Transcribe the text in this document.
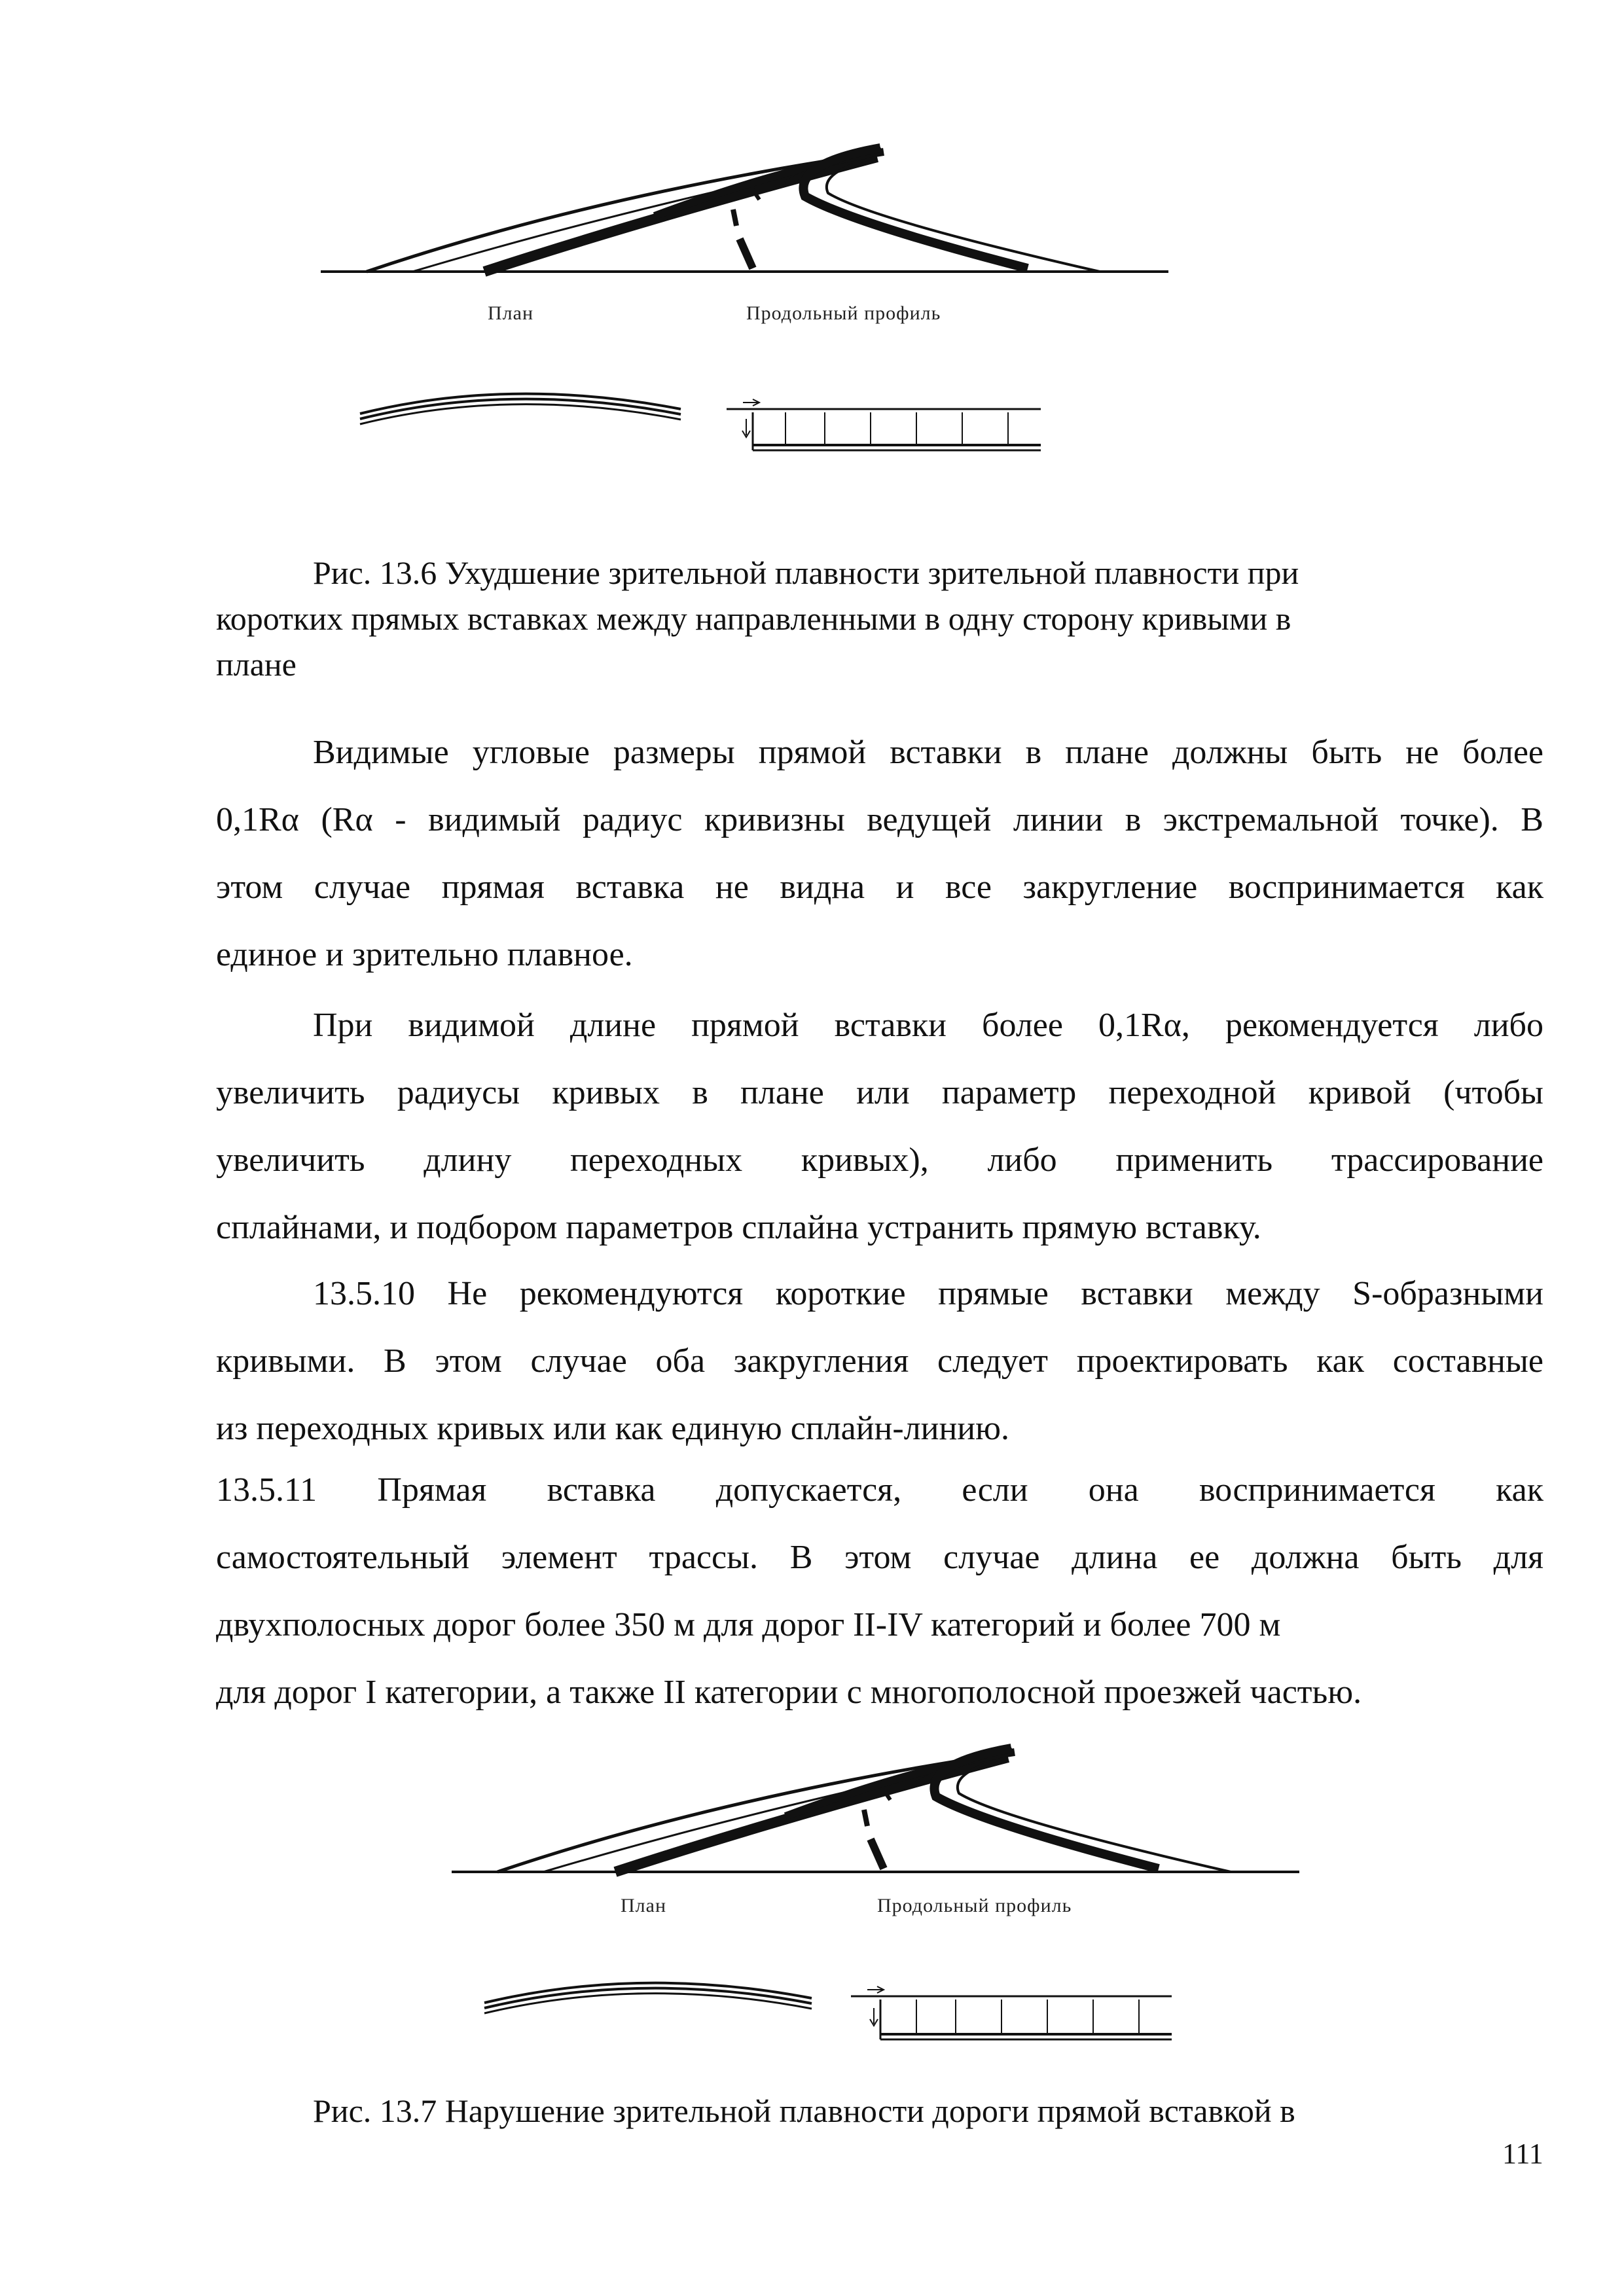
План	Продольный профиль
Рис. 13.6 Ухудшение зрительной плавности зрительной плавности при
коротких прямых вставках между направленными в одну сторону кривыми в
плане
Видимые угловые размеры прямой вставки в плане должны быть не более
0,1Rα (Rα - видимый радиус кривизны ведущей линии в экстремальной точке). В
этом случае прямая вставка не видна и все закругление воспринимается как
единое и зрительно плавное.
При видимой длине прямой вставки более 0,1Rα, рекомендуется либо
увеличить радиусы кривых в плане или параметр переходной кривой (чтобы
увеличить длину переходных кривых), либо применить трассирование
сплайнами, и подбором параметров сплайна устранить прямую вставку.
13.5.10 Не рекомендуются короткие прямые вставки между S-образными
кривыми. В этом случае оба закругления следует проектировать как составные
из переходных кривых или как единую сплайн-линию.
13.5.11 Прямая вставка допускается, если она воспринимается как
самостоятельный элемент трассы. В этом случае длина ее должна быть для
двухполосных дорог более 350 м для дорог II-IV категорий и более 700 м
для дорог I категории, а также II категории с многополосной проезжей частью.
План	Продольный профиль
Рис. 13.7 Нарушение зрительной плавности дороги прямой вставкой в
111
